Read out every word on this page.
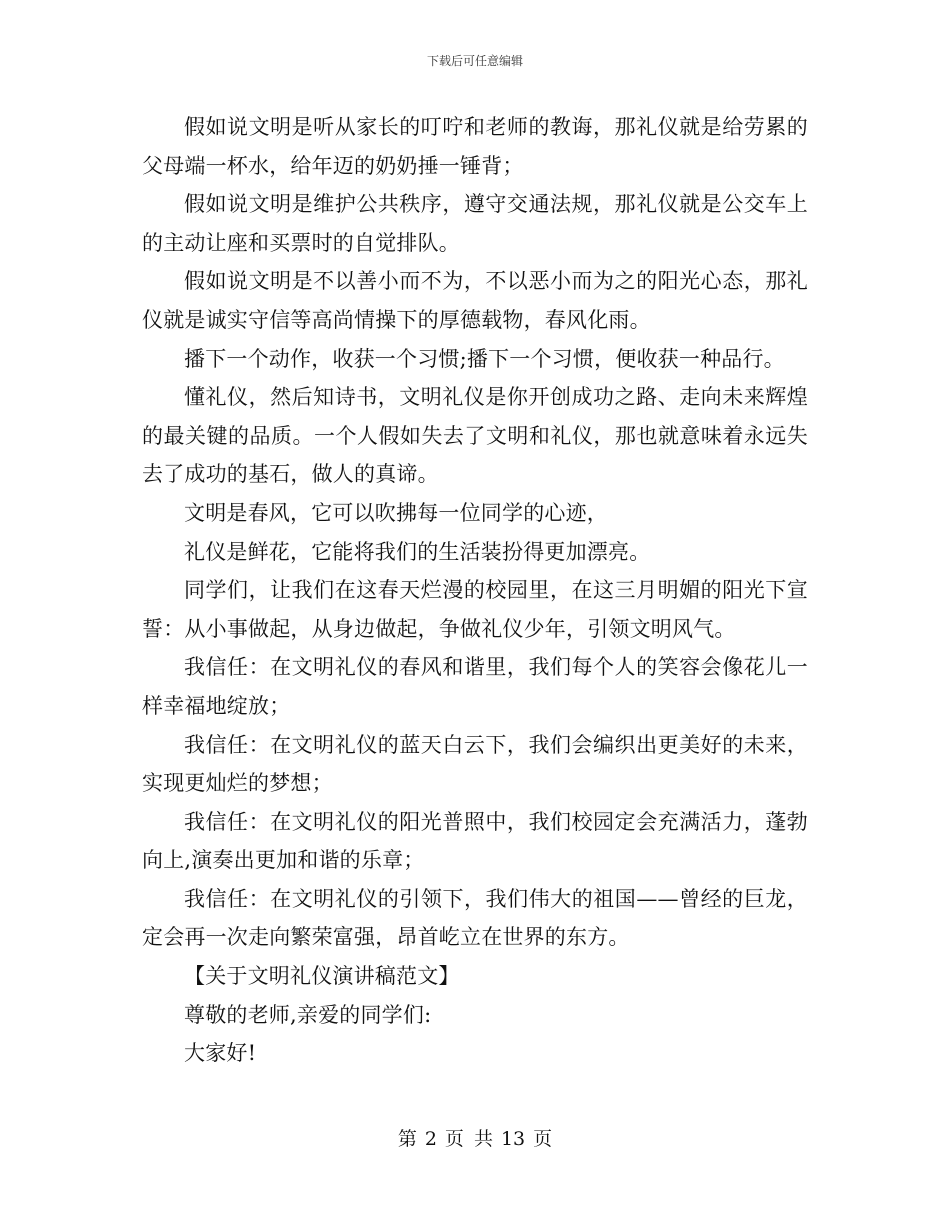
下载后可任意编辑

假如说文明是听从家长的叮咛和老师的教诲，那礼仪就是给劳累的父母端一杯水，给年迈的奶奶捶一锤背；

假如说文明是维护公共秩序，遵守交通法规，那礼仪就是公交车上的主动让座和买票时的自觉排队。

假如说文明是不以善小而不为，不以恶小而为之的阳光心态，那礼仪就是诚实守信等高尚情操下的厚德载物，春风化雨。

播下一个动作，收获一个习惯;播下一个习惯，便收获一种品行。

懂礼仪，然后知诗书，文明礼仪是你开创成功之路、走向未来辉煌的最关键的品质。一个人假如失去了文明和礼仪，那也就意味着永远失去了成功的基石，做人的真谛。

文明是春风，它可以吹拂每一位同学的心迹，

礼仪是鲜花，它能将我们的生活装扮得更加漂亮。

同学们，让我们在这春天烂漫的校园里，在这三月明媚的阳光下宣誓：从小事做起，从身边做起，争做礼仪少年，引领文明风气。

我信任：在文明礼仪的春风和谐里，我们每个人的笑容会像花儿一样幸福地绽放；

我信任：在文明礼仪的蓝天白云下，我们会编织出更美好的未来，实现更灿烂的梦想；

我信任：在文明礼仪的阳光普照中，我们校园定会充满活力，蓬勃向上,演奏出更加和谐的乐章；

我信任：在文明礼仪的引领下，我们伟大的祖国——曾经的巨龙，定会再一次走向繁荣富强，昂首屹立在世界的东方。

【关于文明礼仪演讲稿范文】

尊敬的老师,亲爱的同学们:

大家好!

第 2 页 共 13 页
